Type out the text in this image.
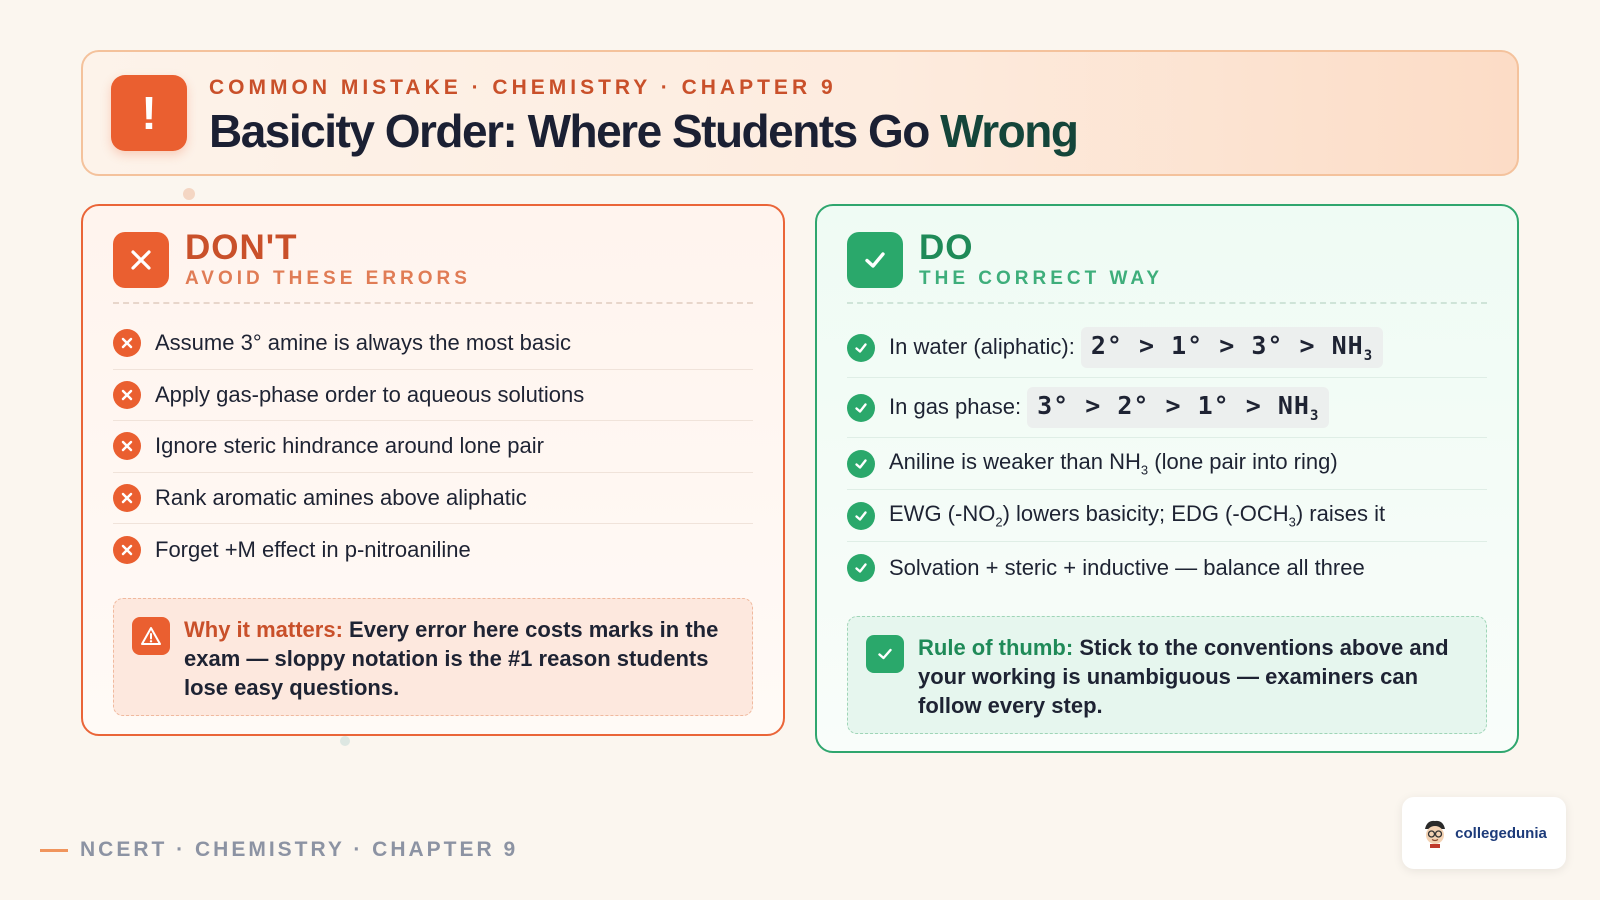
! COMMON MISTAKE · CHEMISTRY · CHAPTER 9
Basicity Order: Where Students Go Wrong
DON'T
AVOID THESE ERRORS
Assume 3° amine is always the most basic
Apply gas-phase order to aqueous solutions
Ignore steric hindrance around lone pair
Rank aromatic amines above aliphatic
Forget +M effect in p-nitroaniline
Why it matters: Every error here costs marks in the exam — sloppy notation is the #1 reason students lose easy questions.
DO
THE CORRECT WAY
In water (aliphatic): $2^\circ > 1^\circ > 3^\circ > NH_3$
In gas phase: $3^\circ > 2^\circ > 1^\circ > NH_3$
Aniline is weaker than $NH_3$ (lone pair into ring)
EWG $(-NO_2)$ lowers basicity; EDG $(-OCH_3)$ raises it
Solvation + steric + inductive — balance all three
Rule of thumb: Stick to the conventions above and your working is unambiguous — examiners can follow every step.
NCERT · CHEMISTRY · CHAPTER 9
collegedunia
